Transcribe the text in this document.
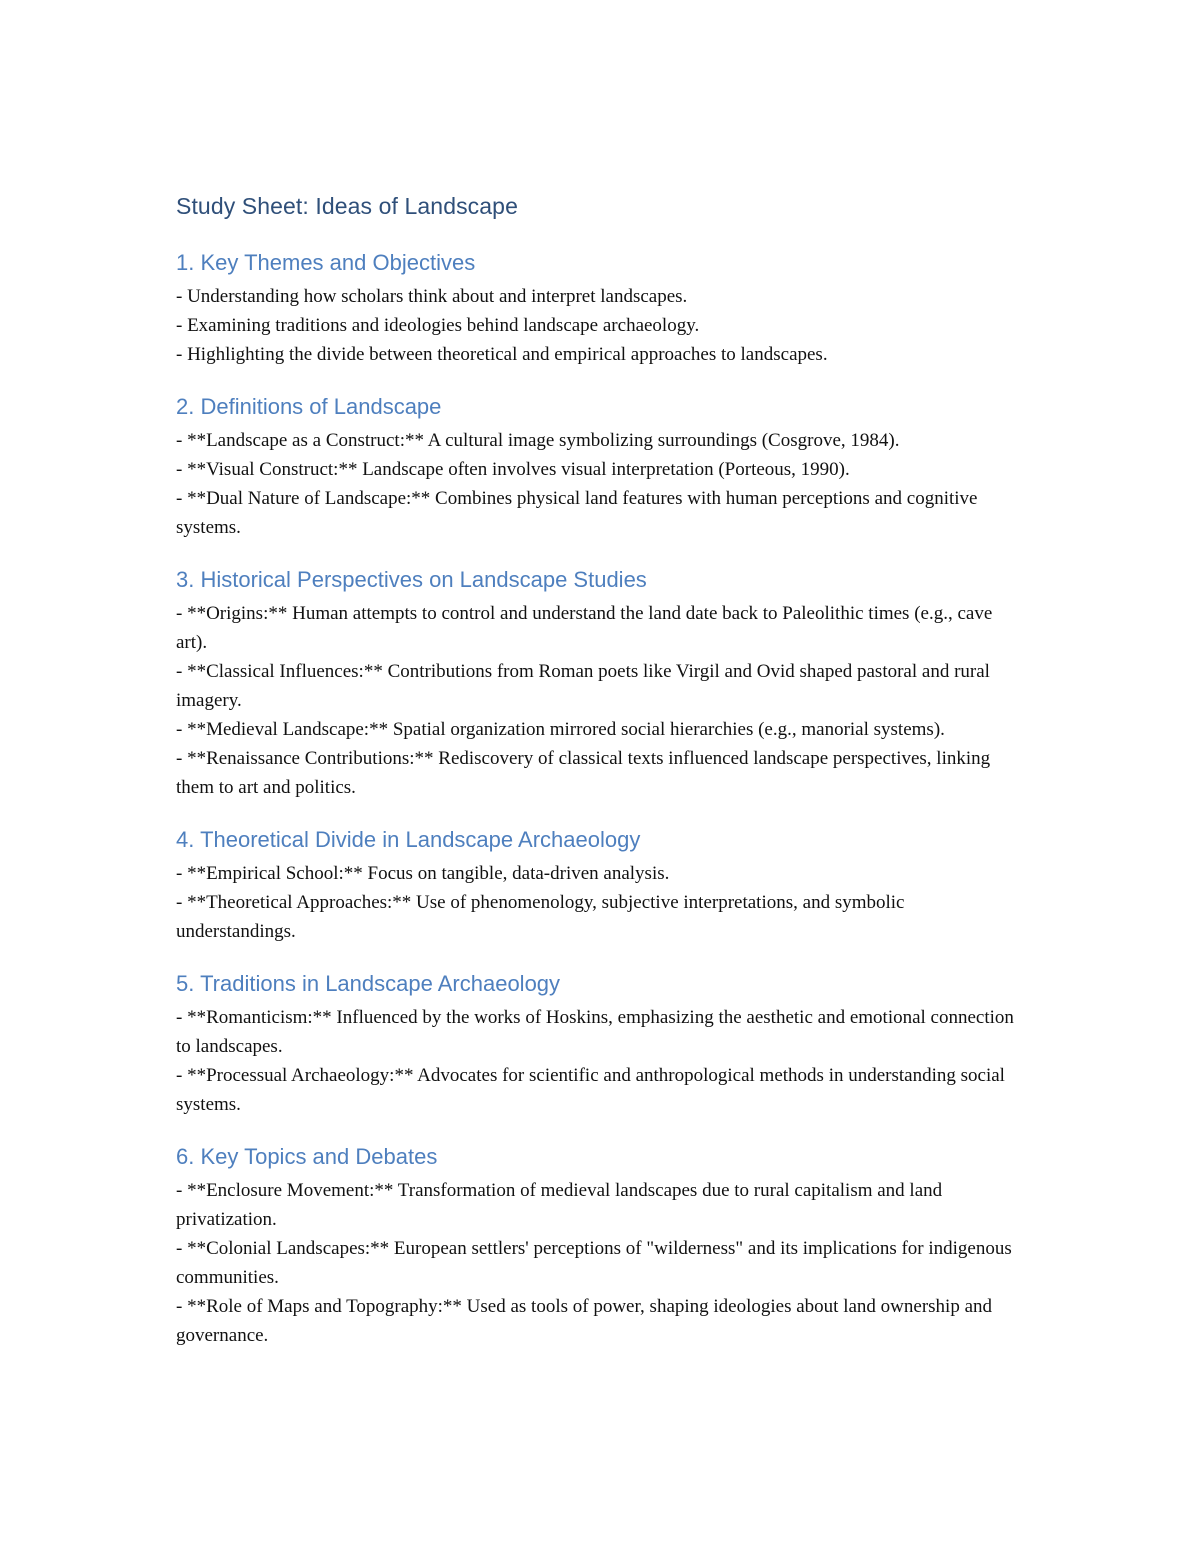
Study Sheet: Ideas of Landscape
1. Key Themes and Objectives

- Understanding how scholars think about and interpret landscapes.

- Examining traditions and ideologies behind landscape archaeology.

- Highlighting the divide between theoretical and empirical approaches to landscapes.

2. Definitions of Landscape

- **Landscape as a Construct:** A cultural image symbolizing surroundings (Cosgrove, 1984).

- **Visual Construct:** Landscape often involves visual interpretation (Porteous, 1990).

- **Dual Nature of Landscape:** Combines physical land features with human perceptions and cognitive systems.

3. Historical Perspectives on Landscape Studies

- **Origins:** Human attempts to control and understand the land date back to Paleolithic times (e.g., cave art).

- **Classical Influences:** Contributions from Roman poets like Virgil and Ovid shaped pastoral and rural imagery.

- **Medieval Landscape:** Spatial organization mirrored social hierarchies (e.g., manorial systems).

- **Renaissance Contributions:** Rediscovery of classical texts influenced landscape perspectives, linking them to art and politics.

4. Theoretical Divide in Landscape Archaeology

- **Empirical School:** Focus on tangible, data-driven analysis.

- **Theoretical Approaches:** Use of phenomenology, subjective interpretations, and symbolic understandings.

5. Traditions in Landscape Archaeology

- **Romanticism:** Influenced by the works of Hoskins, emphasizing the aesthetic and emotional connection to landscapes.

- **Processual Archaeology:** Advocates for scientific and anthropological methods in understanding social systems.

6. Key Topics and Debates

- **Enclosure Movement:** Transformation of medieval landscapes due to rural capitalism and land privatization.

- **Colonial Landscapes:** European settlers' perceptions of "wilderness" and its implications for indigenous communities.

- **Role of Maps and Topography:** Used as tools of power, shaping ideologies about land ownership and governance.
